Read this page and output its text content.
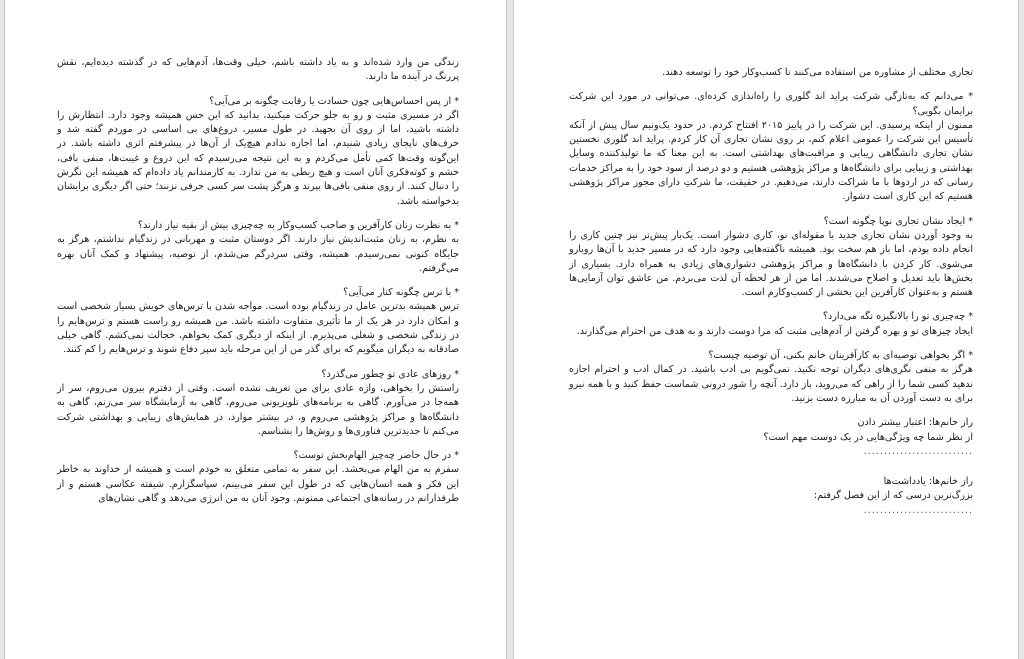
زندگی من وارد شده‌اند و به یاد داشته باشم، خیلی وقت‌ها، آدم‌هایی که در گذشته دیده‌ایم، نقش پررنگ در آینده ما دارند.

* از پس احساس‌هایی چون حسادت یا رقابت چگونه بر می‌آیی؟

اگر در مسیری مثبت و رو به جلو حرکت میکنید، بدانید که این حس همیشه وجود دارد. انتظارش را داشته باشید، اما از روی آن بجهید. در طول مسیر، دروغ‌های بی اساسی در موردم گفته شد و حرف‌های ناپجای زیادی شنیدم، اما اجازه ندادم هیچ‌یک از آن‌ها در پیشرفتم اثری داشته باشد. در این‌گونه وقت‌ها کمی تأمل می‌کردم و به این نتیجه می‌رسیدم که این دروغ و غیبت‌ها، منفی بافی، خشم و کوته‌فکری آنان است و هیچ ربطی به من ندارد. به کارمندانم یاد داده‌ام که همیشه این نگرش را دنبال کنند. از روی منفی بافی‌ها بپرند و هرگز پشت سر کسی حرفی نزنند؛ حتی اگر دیگری برایشان بدخواسته باشد.

* به نظرت زنان کارآفرین و صاحب کسب‌وکار به چه‌چیزی بیش از بقیه نیاز دارند؟

به نظرم، به زنان مثبت‌اندیش نیاز دارند. اگر دوستان مثبت و مهربانی در زندگیام نداشتم، هرگز به جایگاه کنونی نمی‌رسیدم. همیشه، وقتی سردرگم می‌شدم، از توصیه، پیشنهاد و کمک آنان بهره می‌گرفتم.

* با ترس چگونه کنار می‌آیی؟

ترس همیشه بدترین عامل در زندگیام بوده است. مواجه شدن با ترس‌های خویش بسیار شخصی است و امکان دارد در هر یک از ما تأثیری متفاوت داشته باشد. من همیشه رو راست هستم و ترس‌هایم را در زندگی شخصی و شغلی می‌پذیرم. از اینکه از دیگری کمک بخواهم، خجالت نمی‌کشم. گاهی خیلی صادقانه به دیگران میگویم که برای گذر من از این مرحله باید سپر دفاع شوند و ترس‌هایم را کم کنند.

* روزهای عادی تو چطور می‌گذرد؟

راستش را بخواهی، واژه عادی برای من تعریف نشده است. وقتی از دفترم بیرون می‌روم، سر از همه‌جا در می‌آورم. گاهی به برنامه‌های تلویزیونی می‌روم، گاهی به آزمایشگاه سر می‌زنم، گاهی به دانشگاه‌ها و مراکز پژوهشی می‌روم و، در بیشتر موارد، در همایش‌های زیبایی و بهداشتی شرکت می‌کنم تا جدیدترین فناوری‌ها و روش‌ها را بشناسم.

* در حال حاضر چه‌چیز الهام‌بخش توست؟

سفرم به من الهام می‌بخشد. این سفر به تمامی متعلق به خودم است و همیشه از خداوند به خاطر این فکر و همه انسان‌هایی که در طول این سفر می‌بینم، سپاسگزارم. شیفته عکاسی هستم و از طرفدارانم در رسانه‌های اجتماعی ممنونم. وجود آنان به من انرژی می‌دهد و گاهی نشان‌های

تجاری مختلف از مشاوره من استفاده می‌کنند تا کسب‌وکار خود را توسعه دهند.

* می‌دانم که به‌تازگی شرکت پراید اند گلوری را راه‌اندازی کرده‌ای. می‌توانی در مورد این شرکت برایمان بگویی؟

ممنون از اینکه پرسیدی. این شرکت را در پاییز ۲۰۱۵ افتتاح کردم. در حدود یک‌ونیم سال پیش از آنکه تأسیس این شرکت را عمومی اعلام کنم، بر روی نشان تجاری آن کار کردم. پراید اند گلوری نخستین نشان تجاری دانشگاهی زیبایی و مراقبت‌های بهداشتی است. به این معنا که ما تولیدکننده وسایل بهداشتی و زیبایی برای دانشگاه‌ها و مراکز پژوهشی هستیم و دو درصد از سود خود را به مراکز خدمات رسانی که در اردوها با ما شراکت دارند، می‌دهیم. در حقیقت، ما شرکتِ دارای مجوز مراکز پژوهشی هستیم که این کاری است دشوار.

* ایجاد نشان تجاری نوپا چگونه است؟

به وجود آوردن نشان تجاری جدید با مقوله‌ای نو، کاری دشوار است. یک‌بار پیش‌تر نیز چنین کاری را انجام داده بودم، اما باز هم سخت بود. همیشه ناگفته‌هایی وجود دارد که در مسیر جدید با آن‌ها روبارو می‌شوی. کار کردن با دانشگاه‌ها و مراکز پژوهشی دشواری‌های زیادی به همراه دارد. بسیاری از بخش‌ها باید تعدیل و اصلاح می‌شدند. اما من از هر لحظه آن لذت می‌بردم. من عاشق توان آزمایی‌ها هستم و به‌عنوان کارآفرین این بخشی از کسب‌وکارم است.

* چه‌چیزی تو را بالانگیزه نگه می‌دارد؟

ایجاد چیزهای نو و بهره گرفتن از آدم‌هایی مثبت که مرا دوست دارند و به هدف من احترام می‌گذارند.

* اگر بخواهی توصیه‌ای به کارآفرینان خانم بکنی، آن توصیه چیست؟

هرگز به منفی نگری‌های دیگران توجه نکنید. نمی‌گویم بی ادب باشید. در کمال ادب و احترام اجازه ندهید کسی شما را از راهی که می‌روید، باز دارد. آنچه را شور درونی شماست حفظ کنید و با همه نیرو برای به دست آوردن آن به مبارزه دست بزنید.

راز خانم‌ها: اعتبار بیشتر دادن

از نظر شما چه ویژگی‌هایی در یک دوست مهم است؟

...........................

راز خانم‌ها: یادداشت‌ها

بزرگ‌ترین درسی که از این فصل گرفتم:

...........................
